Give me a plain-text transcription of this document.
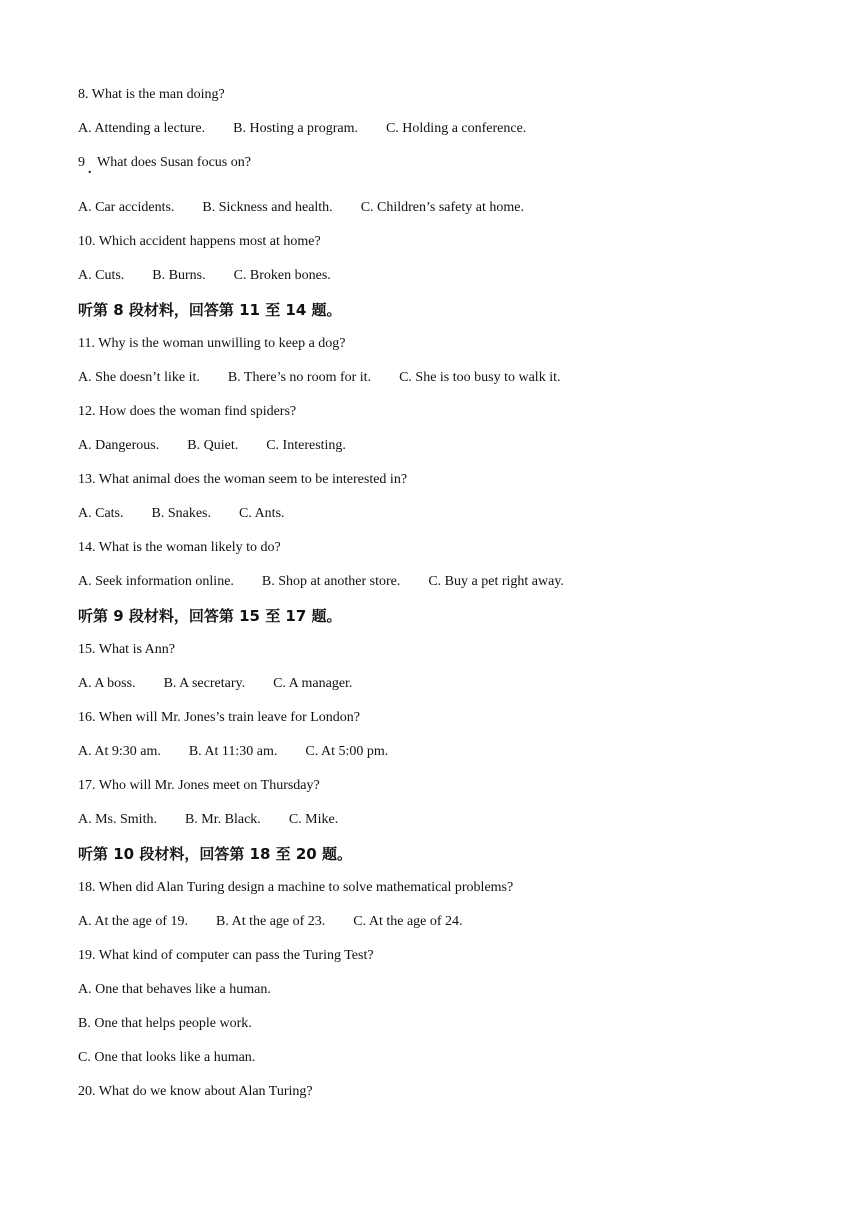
8. What is the man doing?
A. Attending a lecture. B. Hosting a program. C. Holding a conference.
9 . What does Susan focus on?
A. Car accidents. B. Sickness and health. C. Children’s safety at home.
10. Which accident happens most at home?
A. Cuts. B. Burns. C. Broken bones.
听第 8 段材料，回答第 11 至 14 题。
11. Why is the woman unwilling to keep a dog?
A. She doesn’t like it. B. There’s no room for it. C. She is too busy to walk it.
12. How does the woman find spiders?
A. Dangerous. B. Quiet. C. Interesting.
13. What animal does the woman seem to be interested in?
A. Cats. B. Snakes. C. Ants.
14. What is the woman likely to do?
A. Seek information online. B. Shop at another store. C. Buy a pet right away.
听第 9 段材料，回答第 15 至 17 题。
15. What is Ann?
A. A boss. B. A secretary. C. A manager.
16. When will Mr. Jones’s train leave for London?
A. At 9:30 am. B. At 11:30 am. C. At 5:00 pm.
17. Who will Mr. Jones meet on Thursday?
A. Ms. Smith. B. Mr. Black. C. Mike.
听第 10 段材料，回答第 18 至 20 题。
18. When did Alan Turing design a machine to solve mathematical problems?
A. At the age of 19. B. At the age of 23. C. At the age of 24.
19. What kind of computer can pass the Turing Test?
A. One that behaves like a human.
B. One that helps people work.
C. One that looks like a human.
20. What do we know about Alan Turing?
